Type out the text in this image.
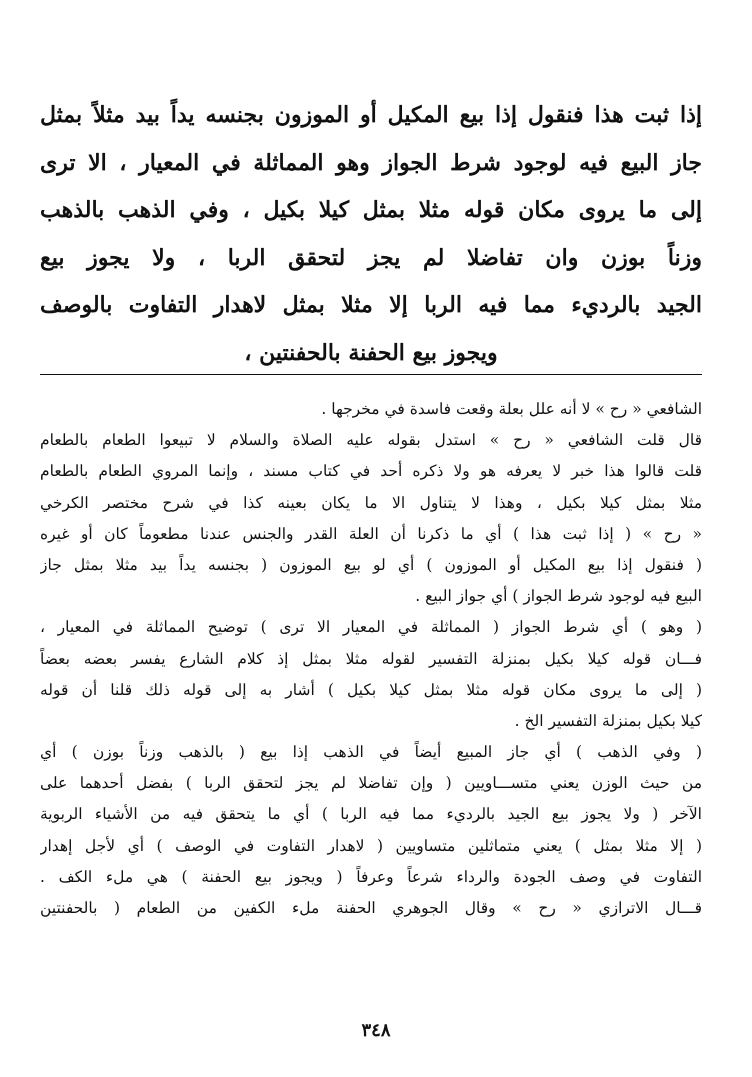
إذا ثبت هذا فنقول إذا بيع المكيل أو الموزون بجنسه يداً بيد مثلاً بمثل
جاز البيع فيه لوجود شرط الجواز وهو المماثلة في المعيار ، الا ترى
إلى ما يروى مكان قوله مثلا بمثل كيلا بكيل ، وفي الذهب بالذهب
وزناً بوزن وان تفاضلا لم يجز لتحقق الربا ، ولا يجوز بيع
الجيد بالرديء مما فيه الربا إلا مثلا بمثل لاهدار التفاوت بالوصف
ويجوز بيع الحفنة بالحفنتين ،
الشافعي « رح » لا أنه علل بعلة وقعت فاسدة في مخرجها .
قال قلت الشافعي « رح » استدل بقوله عليه الصلاة والسلام لا تبيعوا الطعام بالطعام
قلت قالوا هذا خبر لا يعرفه هو ولا ذكره أحد في كتاب مسند ، وإنما المروي الطعام بالطعام
مثلا بمثل كيلا بكيل ، وهذا لا يتناول الا ما يكان بعينه كذا في شرح مختصر الكرخي
« رح » ( إذا ثبت هذا ) أي ما ذكرنا أن العلة القدر والجنس عندنا مطعوماً كان أو غيره
( فنقول إذا بيع المكيل أو الموزون ) أي لو بيع الموزون ( بجنسه يداً بيد مثلا بمثل جاز
البيع فيه لوجود شرط الجواز ) أي جواز البيع .
( وهو ) أي شرط الجواز ( المماثلة في المعيار الا ترى ) توضيح المماثلة في المعيار ،
فـــان قوله كيلا بكيل بمنزلة التفسير لقوله مثلا بمثل إذ كلام الشارع يفسر بعضه بعضاً
( إلى ما يروى مكان قوله مثلا بمثل كيلا بكيل ) أشار به إلى قوله ذلك قلنا أن قوله
كيلا بكيل بمنزلة التفسير الخ .
( وفي الذهب ) أي جاز المبيع أيضاً في الذهب إذا بيع ( بالذهب وزناً بوزن ) أي
من حيث الوزن يعني متســـاويين ( وإن تفاضلا لم يجز لتحقق الربا ) بفضل أحدهما على
الآخر ( ولا يجوز بيع الجيد بالرديء مما فيه الربا ) أي ما يتحقق فيه من الأشياء الربوية
( إلا مثلا بمثل ) يعني متماثلين متساويين ( لاهدار التفاوت في الوصف ) أي لأجل إهدار
التفاوت في وصف الجودة والرداء شرعاً وعرفاً ( ويجوز بيع الحفنة ) هي ملء الكف .
قـــال الاترازي « رح » وقال الجوهري الحفنة ملء الكفين من الطعام ( بالحفنتين
٣٤٨
